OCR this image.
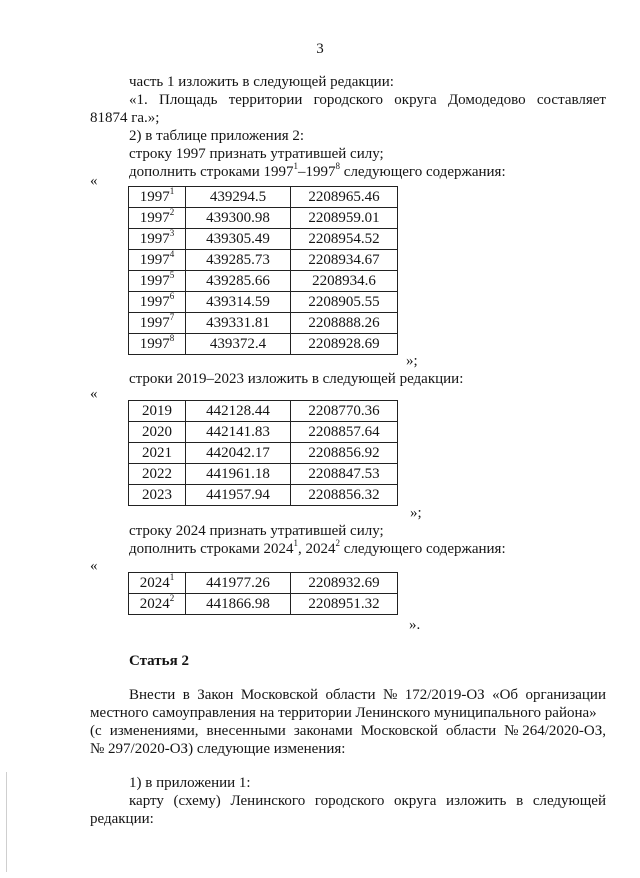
3
часть 1 изложить в следующей редакции:
«1. Площадь территории городского округа Домодедово составляет
81874 га.»;
2) в таблице приложения 2:
строку 1997 признать утратившей силу;
дополнить строками 1997$^1$–1997$^8$ следующего содержания:
«
1997$^1$	439294.5	2208965.46
1997$^2$	439300.98	2208959.01
1997$^3$	439305.49	2208954.52
1997$^4$	439285.73	2208934.67
1997$^5$	439285.66	2208934.6
1997$^6$	439314.59	2208905.55
1997$^7$	439331.81	2208888.26
1997$^8$	439372.4	2208928.69
»;
строки 2019–2023 изложить в следующей редакции:
«
2019	442128.44	2208770.36
2020	442141.83	2208857.64
2021	442042.17	2208856.92
2022	441961.18	2208847.53
2023	441957.94	2208856.32
»;
строку 2024 признать утратившей силу;
дополнить строками 2024$^1$, 2024$^2$ следующего содержания:
«
2024$^1$	441977.26	2208932.69
2024$^2$	441866.98	2208951.32
».
Статья 2
Внести в Закон Московской области № 172/2019-ОЗ «Об организации
местного самоуправления на территории Ленинского муниципального района»
(с изменениями, внесенными законами Московской области № 264/2020-ОЗ,
№ 297/2020-ОЗ) следующие изменения:
1) в приложении 1:
карту (схему) Ленинского городского округа изложить в следующей
редакции:
